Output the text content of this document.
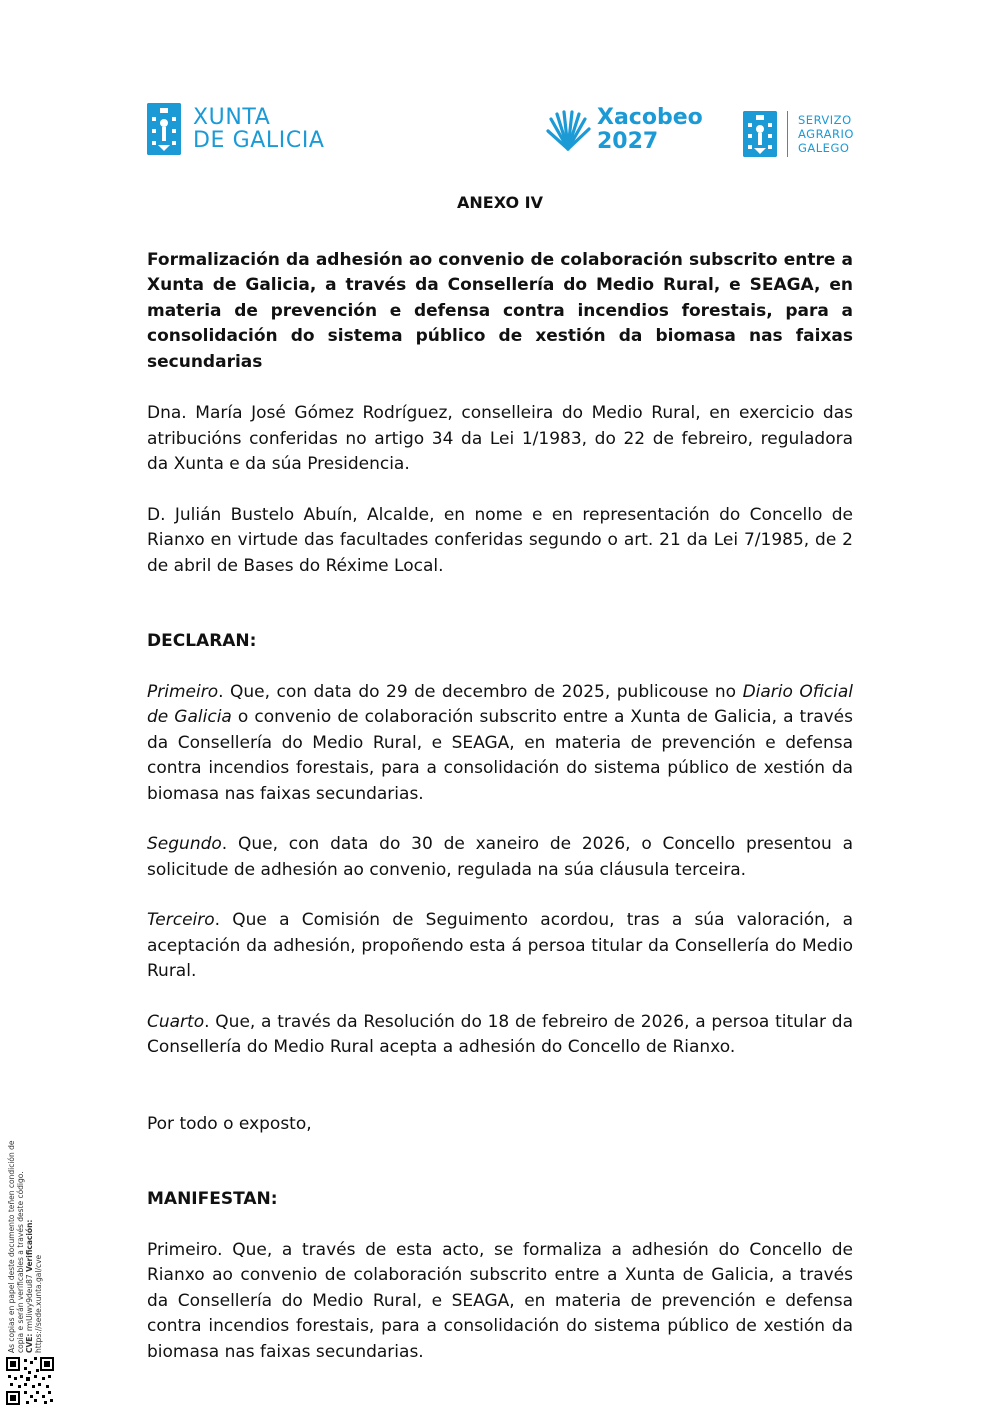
XUNTA
DE GALICIA
Xacobeo
2027
SERVIZO
AGRARIO
GALEGO
ANEXO IV
Formalización da adhesión ao convenio de colaboración subscrito entre a Xunta de Galicia, a través da Consellería do Medio Rural, e SEAGA, en materia de prevención e defensa contra incendios forestais, para a consolidación do sistema público de xestión da biomasa nas faixas secundarias

Dna. María José Gómez Rodríguez, conselleira do Medio Rural, en exercicio das atribucións conferidas no artigo 34 da Lei 1/1983, do 22 de febreiro, reguladora da Xunta e da súa Presidencia.

D. Julián Bustelo Abuín, Alcalde, en nome e en representación do Concello de Rianxo en virtude das facultades conferidas segundo o art. 21 da Lei 7/1985, de 2 de abril de Bases do Réxime Local.

DECLARAN:

Primeiro. Que, con data do 29 de decembro de 2025, publicouse no Diario Oficial de Galicia o convenio de colaboración subscrito entre a Xunta de Galicia, a través da Consellería do Medio Rural, e SEAGA, en materia de prevención e defensa contra incendios forestais, para a consolidación do sistema público de xestión da biomasa nas faixas secundarias.

Segundo. Que, con data do 30 de xaneiro de 2026, o Concello presentou a solicitude de adhesión ao convenio, regulada na súa cláusula terceira.

Terceiro. Que a Comisión de Seguimento acordou, tras a súa valoración, a aceptación da adhesión, propoñendo esta á persoa titular da Consellería do Medio Rural.

Cuarto. Que, a través da Resolución do 18 de febreiro de 2026, a persoa titular da Consellería do Medio Rural acepta a adhesión do Concello de Rianxo.

Por todo o exposto,

MANIFESTAN:

Primeiro. Que, a través de esta acto, se formaliza a adhesión do Concello de Rianxo ao convenio de colaboración subscrito entre a Xunta de Galicia, a través da Consellería do Medio Rural, e SEAGA, en materia de prevención e defensa contra incendios forestais, para a consolidación do sistema público de xestión da biomasa nas faixas secundarias.

As copias en papel deste documento teñen condición de copia e serán verificables a través deste código. CVE: rmUiwy9deu87 Verificación: https://sede.xunta.gal/cve
